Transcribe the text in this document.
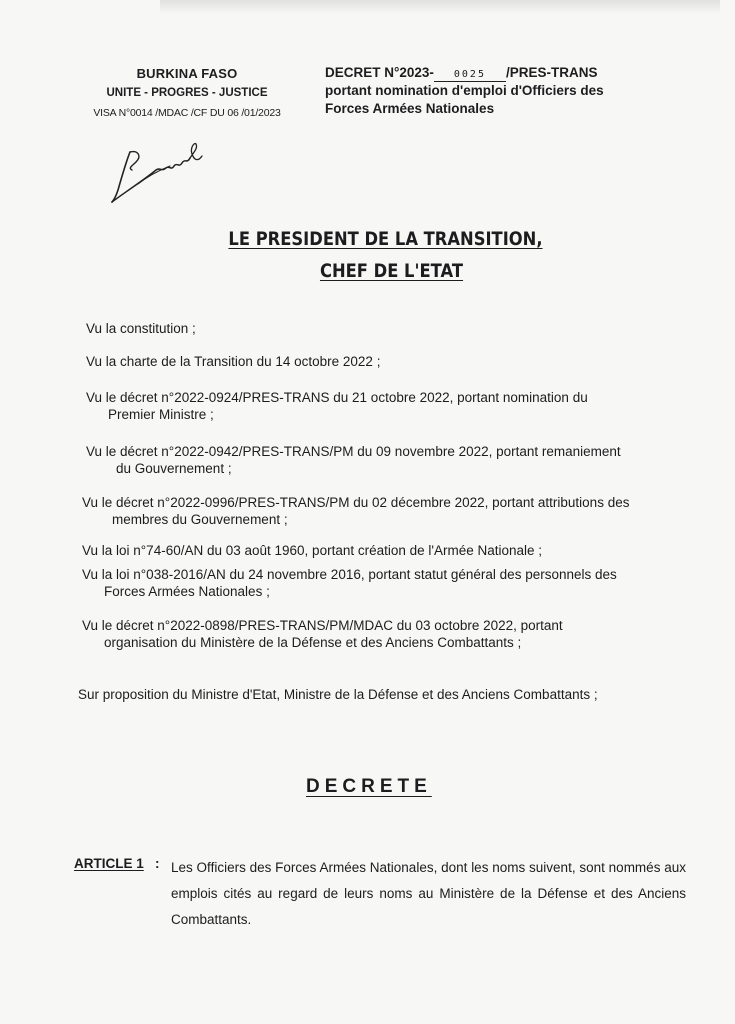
BURKINA FASO
UNITE - PROGRES - JUSTICE
VISA N°0014 /MDAC /CF DU 06 /01/2023
DECRET N°2023- 0025 /PRES-TRANS
portant nomination d'emploi d'Officiers des
Forces Armées Nationales
LE PRESIDENT DE LA TRANSITION,
CHEF DE L'ETAT
Vu la constitution ;
Vu la charte de la Transition du 14 octobre 2022 ;
Vu le décret n°2022-0924/PRES-TRANS du 21 octobre 2022, portant nomination du
Premier Ministre ;
Vu le décret n°2022-0942/PRES-TRANS/PM du 09 novembre 2022, portant remaniement
du Gouvernement ;
Vu le décret n°2022-0996/PRES-TRANS/PM du 02 décembre 2022, portant attributions des
membres du Gouvernement ;
Vu la loi n°74-60/AN du 03 août 1960, portant création de l'Armée Nationale ;
Vu la loi n°038-2016/AN du 24 novembre 2016, portant statut général des personnels des
Forces Armées Nationales ;
Vu le décret n°2022-0898/PRES-TRANS/PM/MDAC du 03 octobre 2022, portant
organisation du Ministère de la Défense et des Anciens Combattants ;
Sur proposition du Ministre d'Etat, Ministre de la Défense et des Anciens Combattants ;
DECRETE
ARTICLE 1 : Les Officiers des Forces Armées Nationales, dont les noms suivent, sont nommés aux emplois cités au regard de leurs noms au Ministère de la Défense et des Anciens Combattants.
